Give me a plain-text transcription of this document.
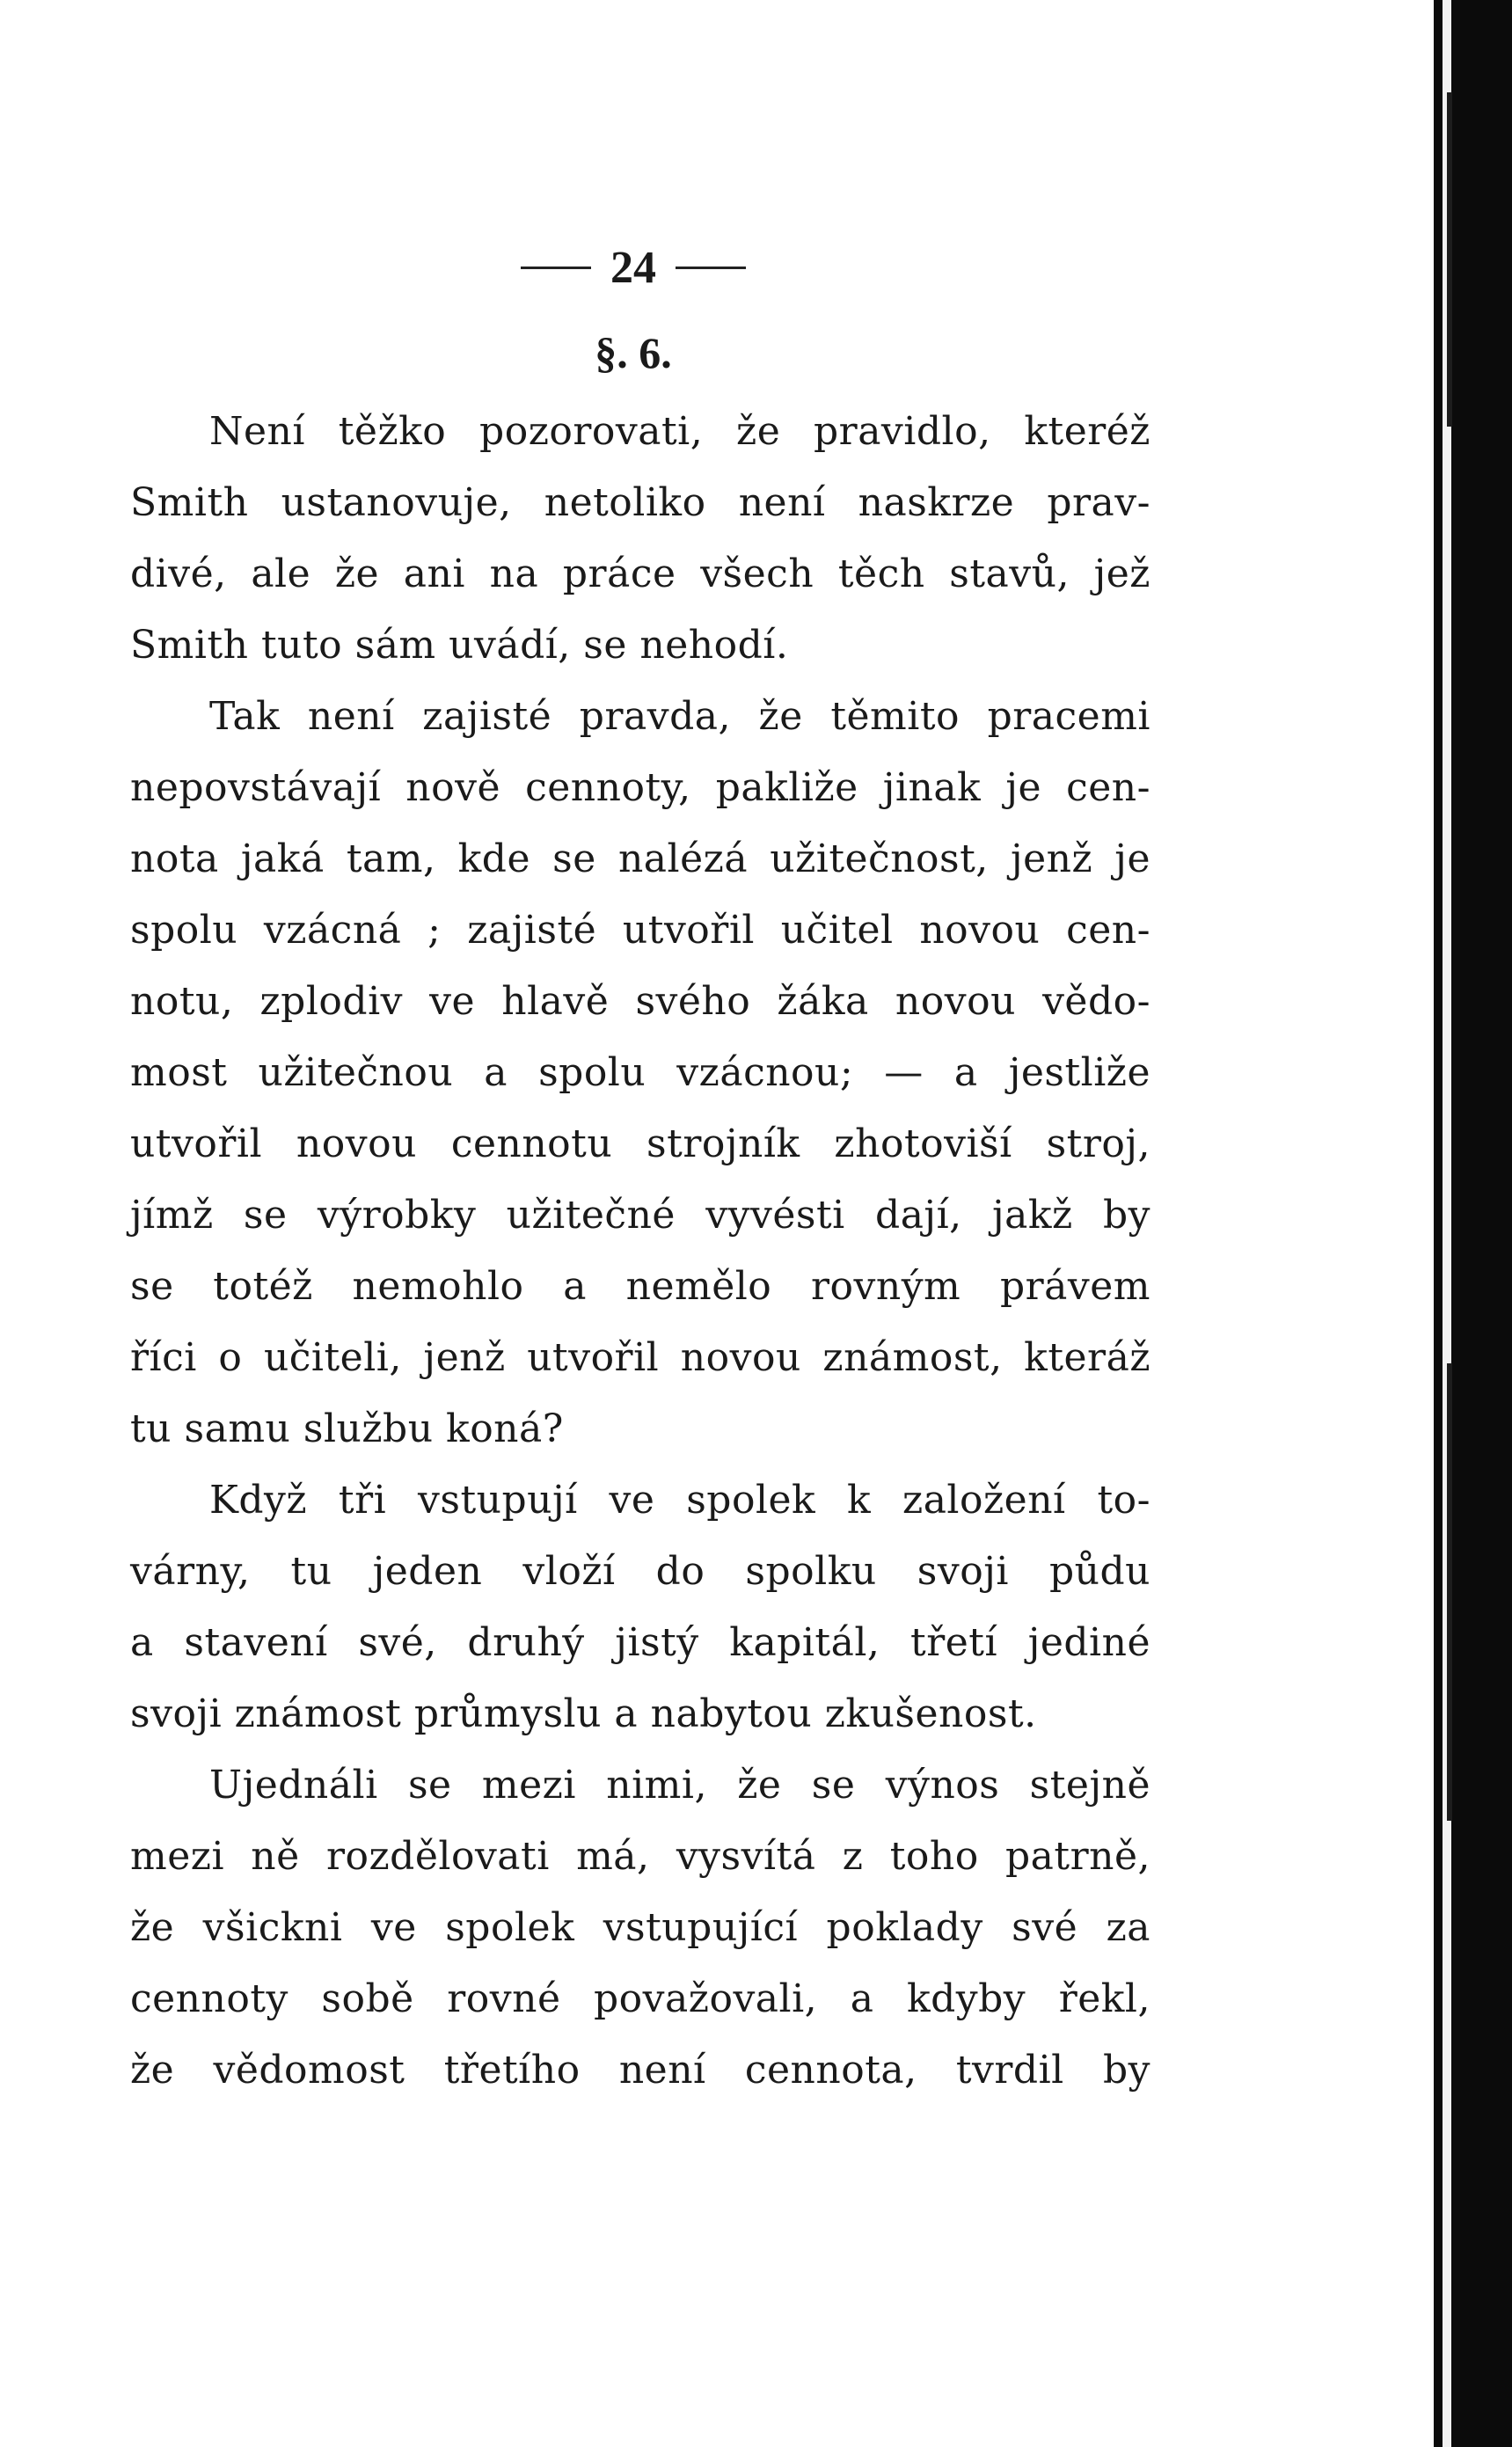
24
§. 6.
Není těžko pozorovati, že pravidlo, kteréž
Smith ustanovuje, netoliko není naskrze prav-
divé, ale že ani na práce všech těch stavů, jež
Smith tuto sám uvádí, se nehodí.
Tak není zajisté pravda, že těmito pracemi
nepovstávají nově cennoty, pakliže jinak je cen-
nota jaká tam, kde se nalézá užitečnost, jenž je
spolu vzácná ; zajisté utvořil učitel novou cen-
notu, zplodiv ve hlavě svého žáka novou vědo-
most užitečnou a spolu vzácnou; — a jestliže
utvořil novou cennotu strojník zhotoviší stroj,
jímž se výrobky užitečné vyvésti dají, jakž by
se totéž nemohlo a nemělo rovným právem
říci o učiteli, jenž utvořil novou známost, kteráž
tu samu službu koná?
Když tři vstupují ve spolek k založení to-
várny, tu jeden vloží do spolku svoji půdu
a stavení své, druhý jistý kapitál, třetí jediné
svoji známost průmyslu a nabytou zkušenost.
Ujednáli se mezi nimi, že se výnos stejně
mezi ně rozdělovati má, vysvítá z toho patrně,
že všickni ve spolek vstupující poklady své za
cennoty sobě rovné považovali, a kdyby řekl,
že vědomost třetího není cennota, tvrdil by
